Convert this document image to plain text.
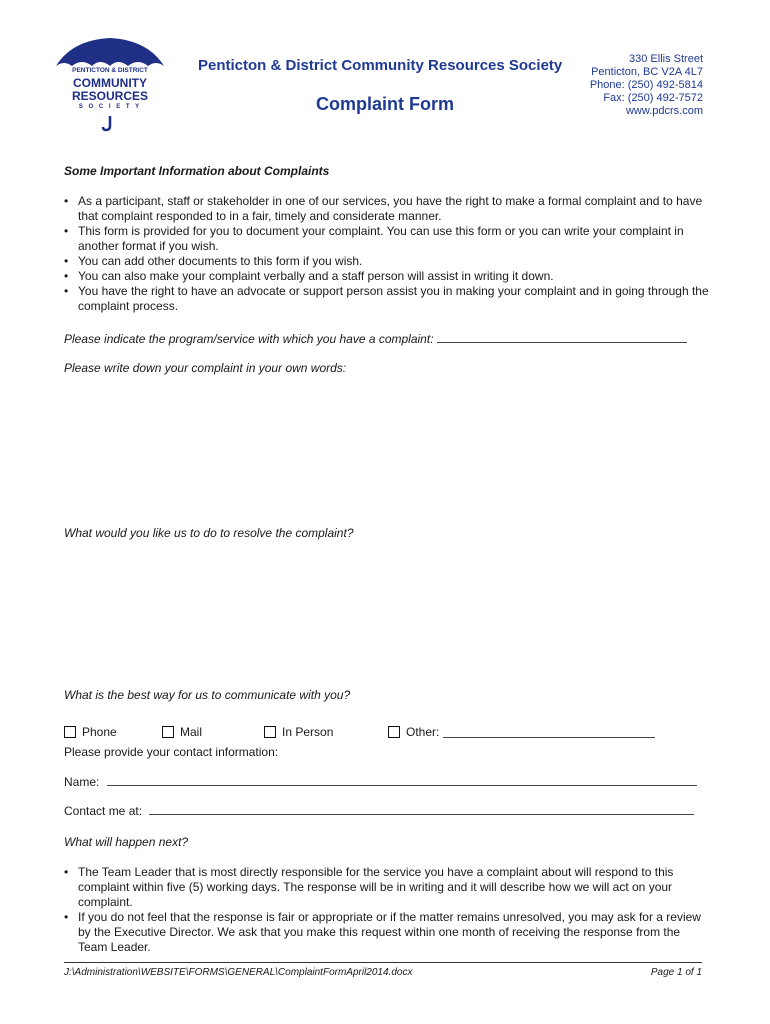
PENTICTON & DISTRICT
COMMUNITY
RESOURCES
S O C I E T Y
Penticton & District Community Resources Society
Complaint Form
330 Ellis Street
Penticton, BC V2A 4L7
Phone: (250) 492-5814
Fax: (250) 492-7572
www.pdcrs.com
Some Important Information about Complaints
• As a participant, staff or stakeholder in one of our services, you have the right to make a formal complaint and to have that complaint responded to in a fair, timely and considerate manner.
• This form is provided for you to document your complaint. You can use this form or you can write your complaint in another format if you wish.
• You can add other documents to this form if you wish.
• You can also make your complaint verbally and a staff person will assist in writing it down.
• You have the right to have an advocate or support person assist you in making your complaint and in going through the complaint process.
Please indicate the program/service with which you have a complaint:
Please write down your complaint in your own words:
What would you like us to do to resolve the complaint?
What is the best way for us to communicate with you?
Phone	Mail	In Person	Other:
Please provide your contact information:
Name:
Contact me at:
What will happen next?
• The Team Leader that is most directly responsible for the service you have a complaint about will respond to this complaint within five (5) working days. The response will be in writing and it will describe how we will act on your complaint.
• If you do not feel that the response is fair or appropriate or if the matter remains unresolved, you may ask for a review by the Executive Director. We ask that you make this request within one month of receiving the response from the Team Leader.
J:\Administration\WEBSITE\FORMS\GENERAL\ComplaintFormApril2014.docx	Page 1 of 1
